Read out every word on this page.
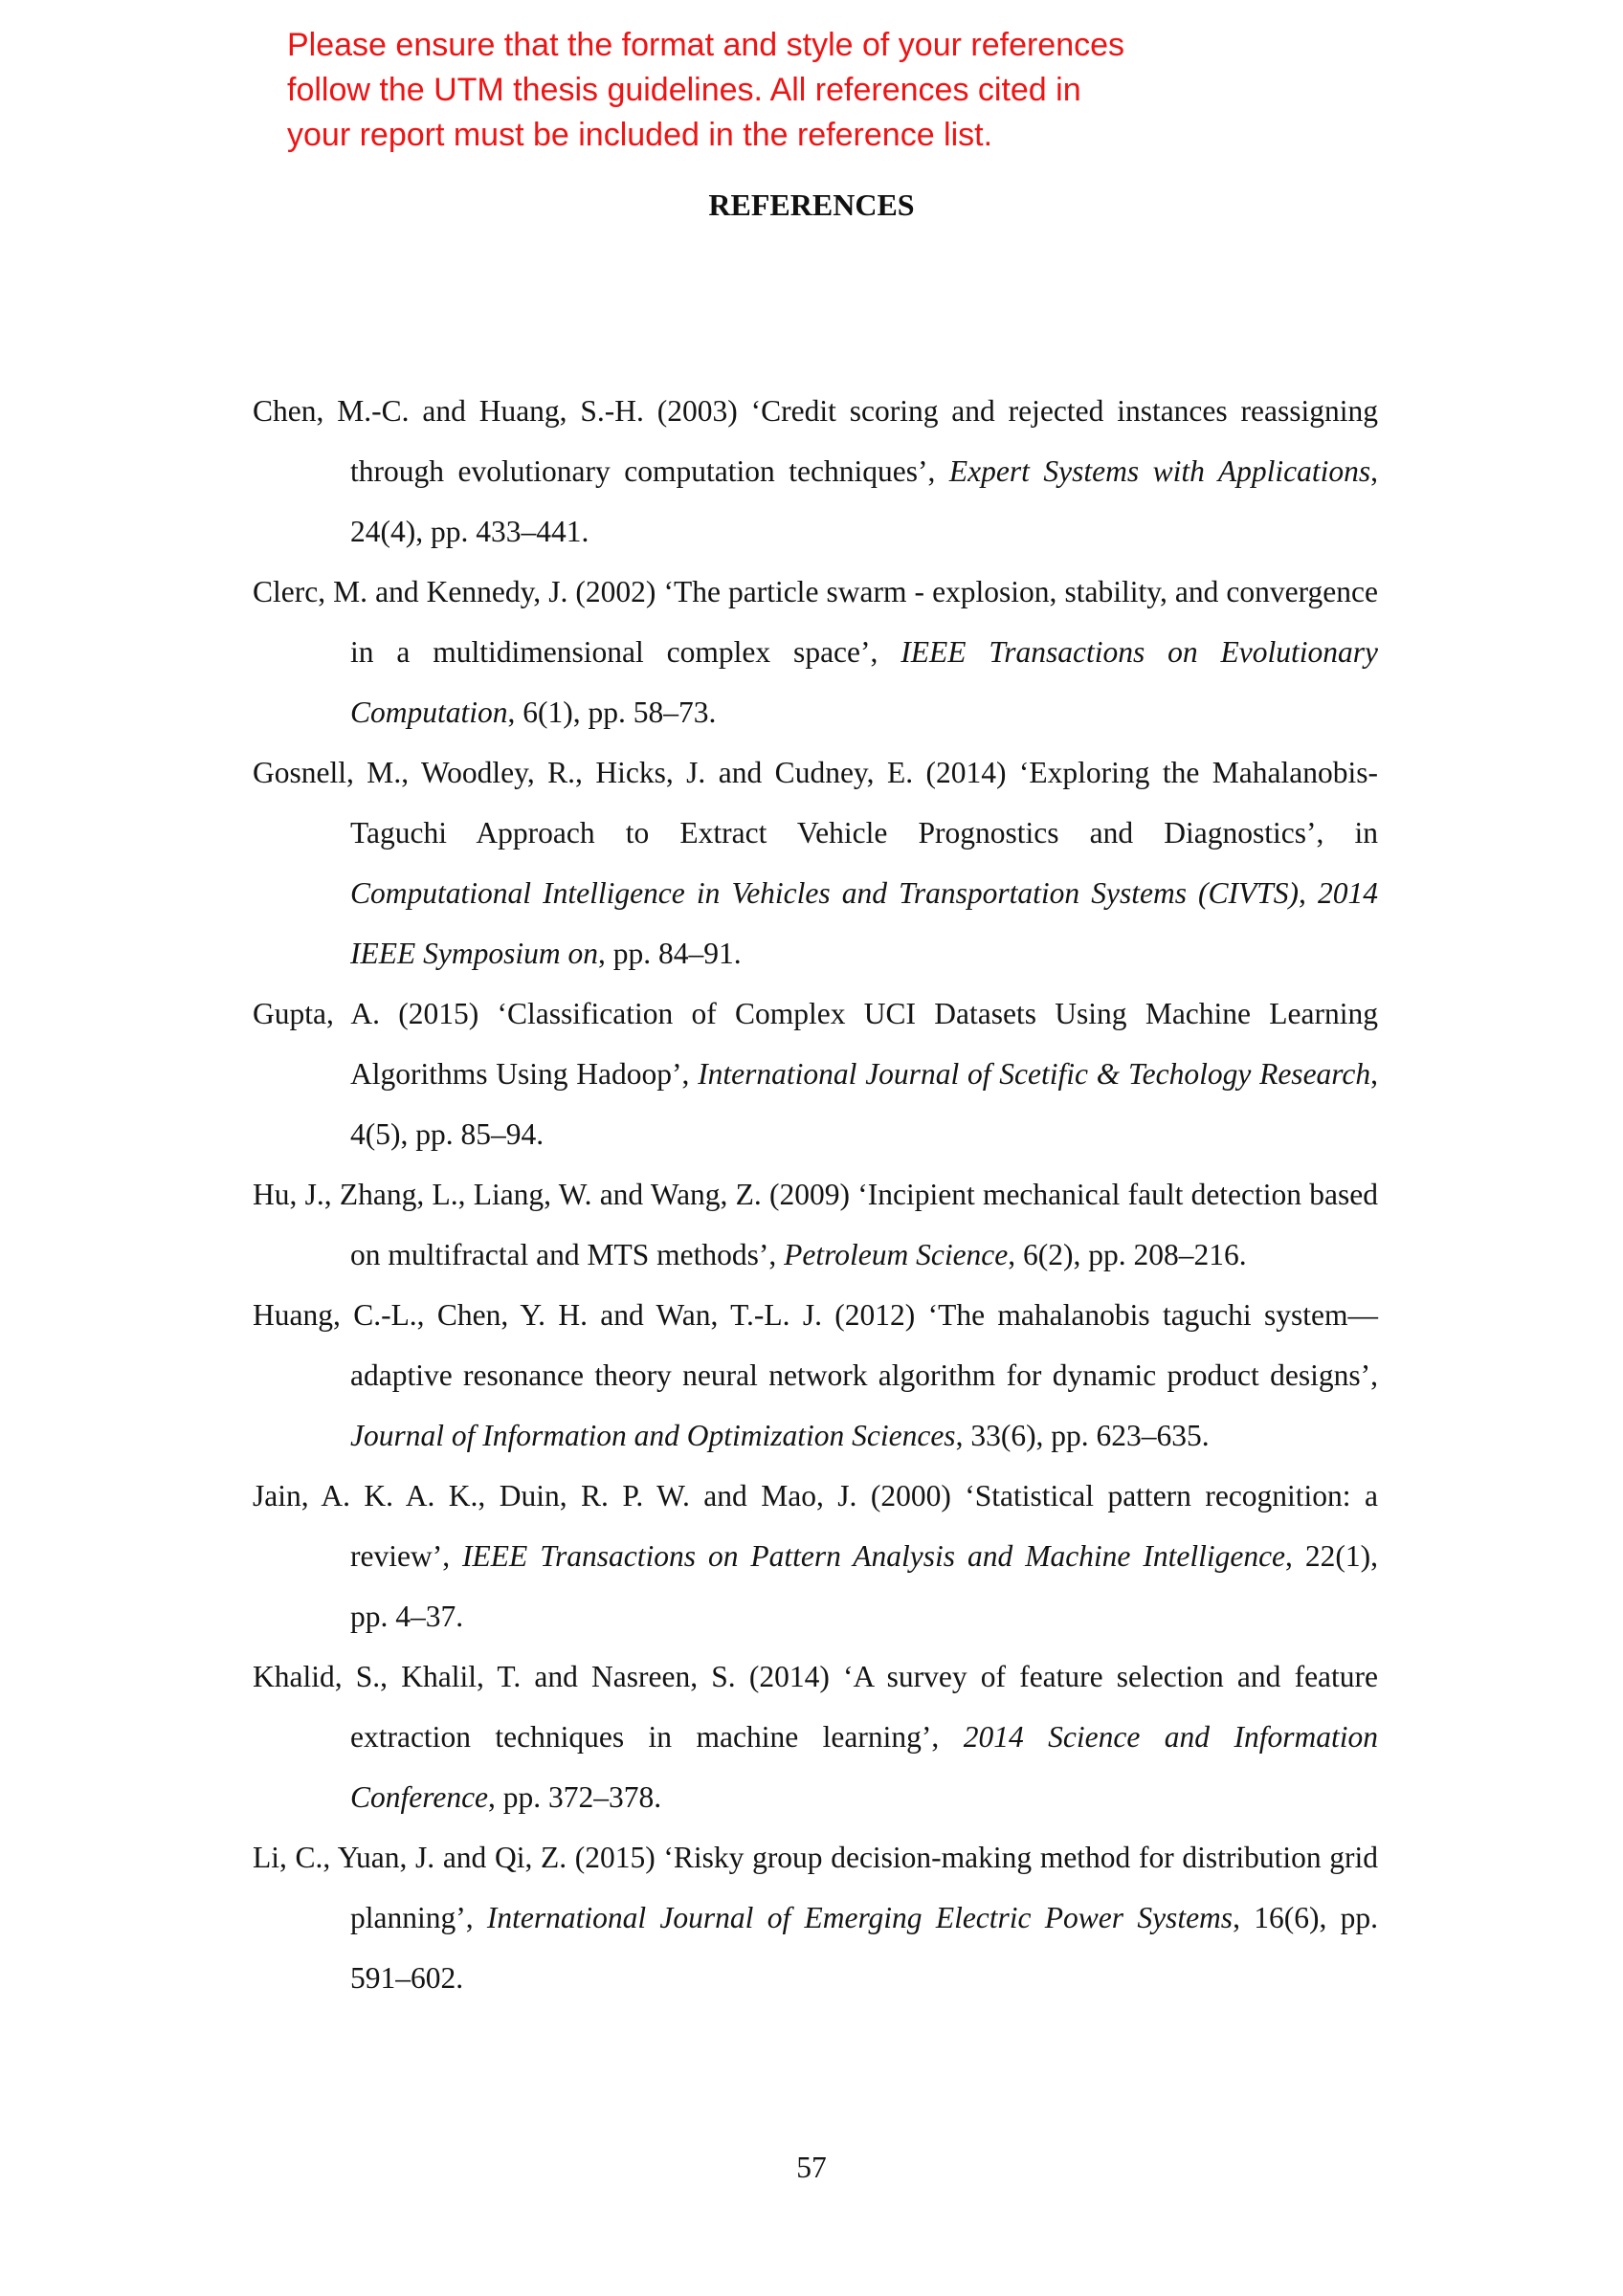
Please ensure that the format and style of your references
follow the UTM thesis guidelines. All references cited in
your report must be included in the reference list.
REFERENCES

Chen, M.-C. and Huang, S.-H. (2003) ‘Credit scoring and rejected instances reassigning through evolutionary computation techniques’, Expert Systems with Applications, 24(4), pp. 433–441.

Clerc, M. and Kennedy, J. (2002) ‘The particle swarm - explosion, stability, and convergence in a multidimensional complex space’, IEEE Transactions on Evolutionary Computation, 6(1), pp. 58–73.

Gosnell, M., Woodley, R., Hicks, J. and Cudney, E. (2014) ‘Exploring the Mahalanobis-Taguchi Approach to Extract Vehicle Prognostics and Diagnostics’, in Computational Intelligence in Vehicles and Transportation Systems (CIVTS), 2014 IEEE Symposium on, pp. 84–91.

Gupta, A. (2015) ‘Classification of Complex UCI Datasets Using Machine Learning Algorithms Using Hadoop’, International Journal of Scetific & Techology Research, 4(5), pp. 85–94.

Hu, J., Zhang, L., Liang, W. and Wang, Z. (2009) ‘Incipient mechanical fault detection based on multifractal and MTS methods’, Petroleum Science, 6(2), pp. 208–216.

Huang, C.-L., Chen, Y. H. and Wan, T.-L. J. (2012) ‘The mahalanobis taguchi system—adaptive resonance theory neural network algorithm for dynamic product designs’, Journal of Information and Optimization Sciences, 33(6), pp. 623–635.

Jain, A. K. A. K., Duin, R. P. W. and Mao, J. (2000) ‘Statistical pattern recognition: a review’, IEEE Transactions on Pattern Analysis and Machine Intelligence, 22(1), pp. 4–37.

Khalid, S., Khalil, T. and Nasreen, S. (2014) ‘A survey of feature selection and feature extraction techniques in machine learning’, 2014 Science and Information Conference, pp. 372–378.

Li, C., Yuan, J. and Qi, Z. (2015) ‘Risky group decision-making method for distribution grid planning’, International Journal of Emerging Electric Power Systems, 16(6), pp. 591–602.

57
